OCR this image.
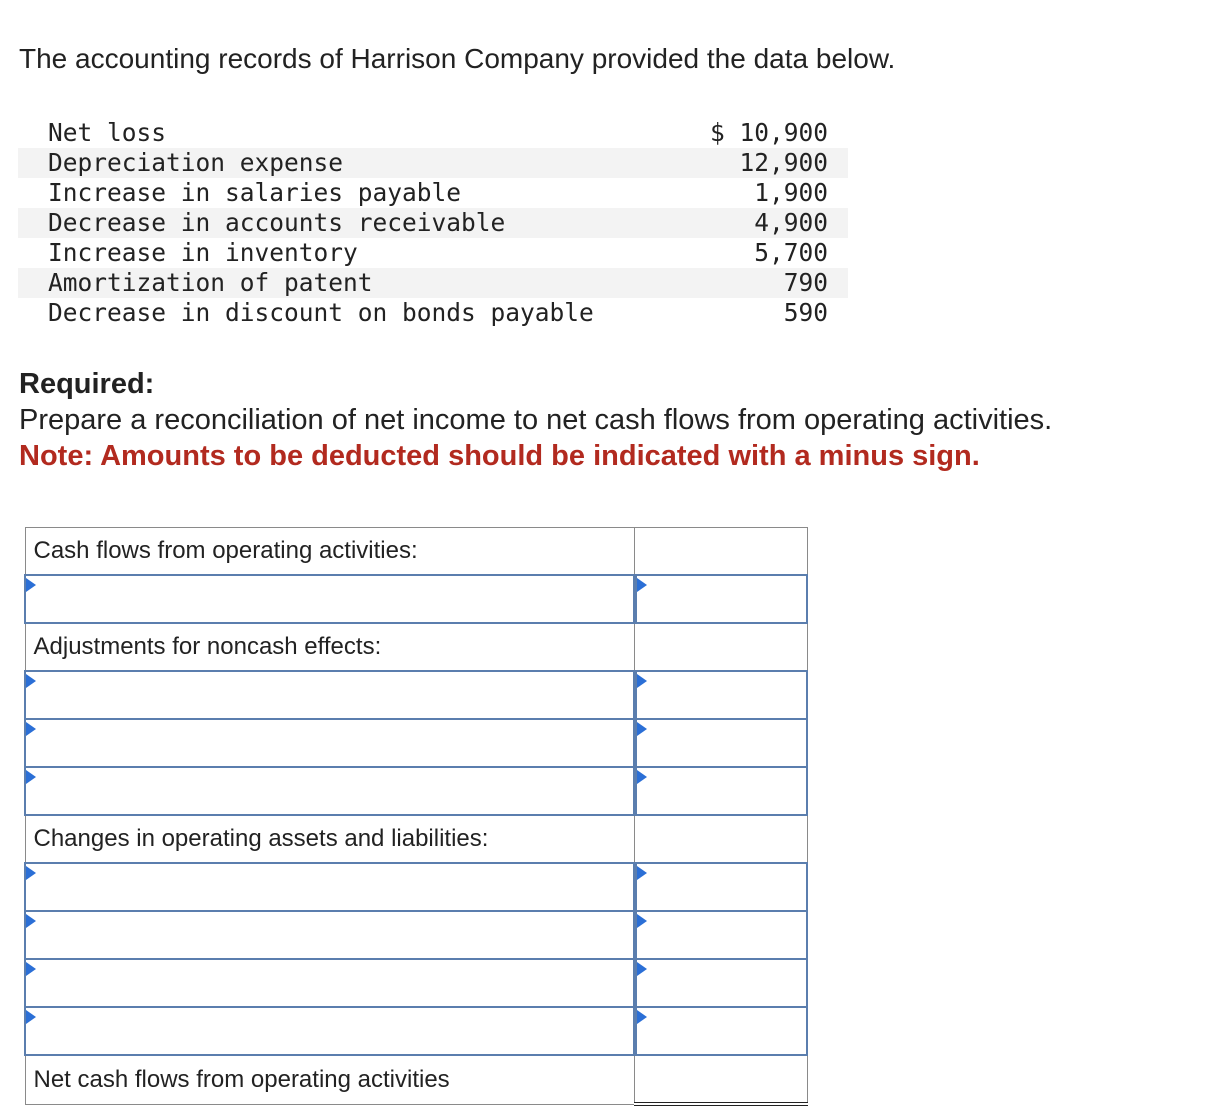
The accounting records of Harrison Company provided the data below.
Net loss	$ 10,900
Depreciation expense	12,900
Increase in salaries payable	1,900
Decrease in accounts receivable	4,900
Increase in inventory	5,700
Amortization of patent	790
Decrease in discount on bonds payable	590
Required:
Prepare a reconciliation of net income to net cash flows from operating activities.
Note: Amounts to be deducted should be indicated with a minus sign.
Cash flows from operating activities:	

Adjustments for noncash effects:	

Changes in operating assets and liabilities:	

Net cash flows from operating activities	
